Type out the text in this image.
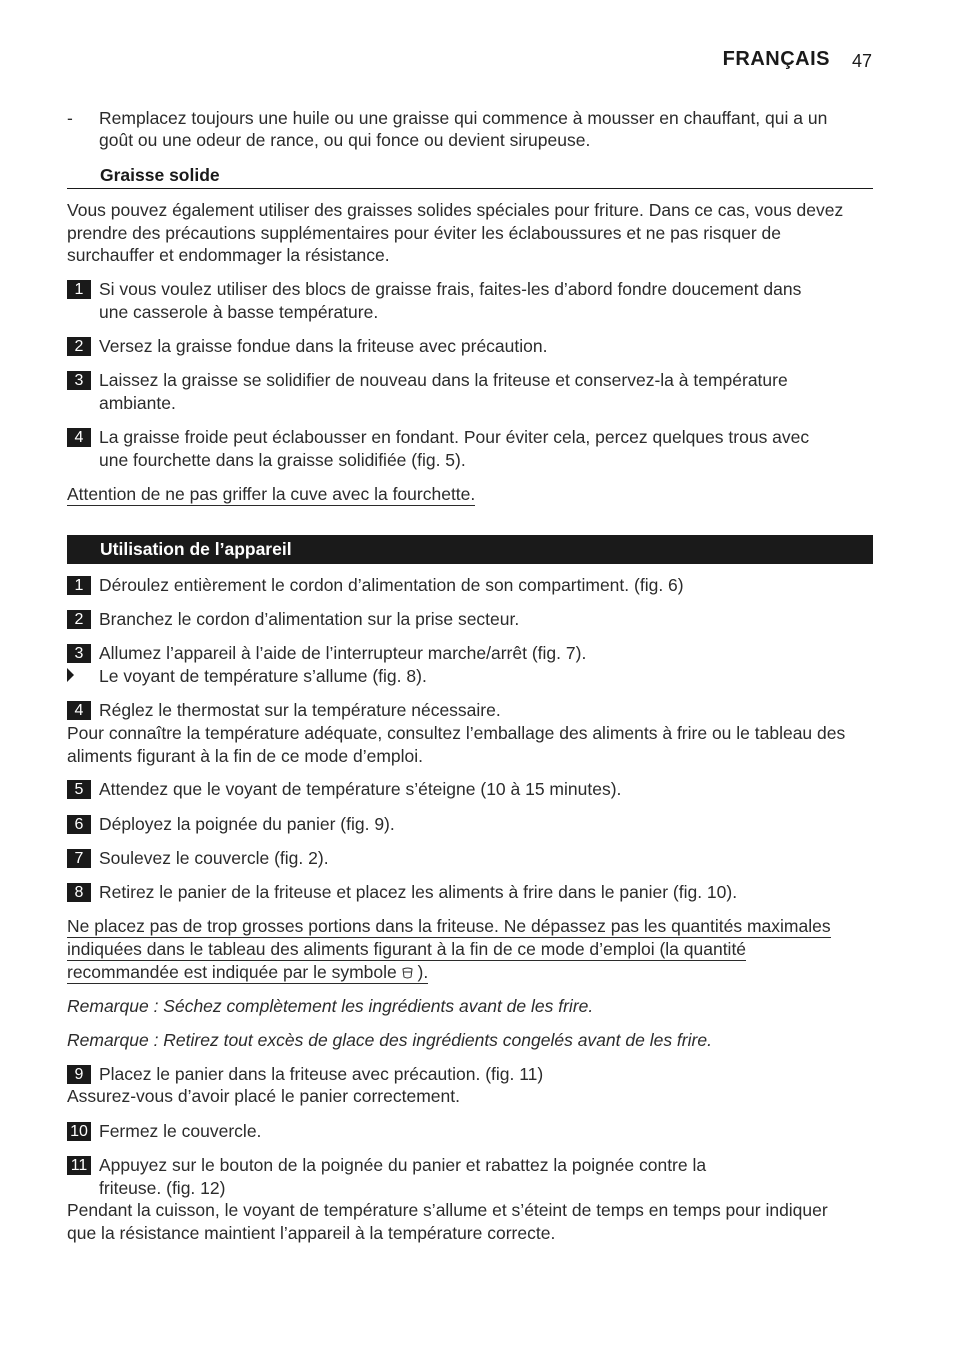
FRANÇAIS 47
- Remplacez toujours une huile ou une graisse qui commence à mousser en chauffant, qui a un
goût ou une odeur de rance, ou qui fonce ou devient sirupeuse.
Graisse solide
Vous pouvez également utiliser des graisses solides spéciales pour friture. Dans ce cas, vous devez
prendre des précautions supplémentaires pour éviter les éclaboussures et ne pas risquer de
surchauffer et endommager la résistance.
1 Si vous voulez utiliser des blocs de graisse frais, faites-les d’abord fondre doucement dans
une casserole à basse température.
2 Versez la graisse fondue dans la friteuse avec précaution.
3 Laissez la graisse se solidifier de nouveau dans la friteuse et conservez-la à température
ambiante.
4 La graisse froide peut éclabousser en fondant. Pour éviter cela, percez quelques trous avec
une fourchette dans la graisse solidifiée (fig. 5).
Attention de ne pas griffer la cuve avec la fourchette.
Utilisation de l’appareil
1 Déroulez entièrement le cordon d’alimentation de son compartiment. (fig. 6)
2 Branchez le cordon d’alimentation sur la prise secteur.
3 Allumez l’appareil à l’aide de l’interrupteur marche/arrêt (fig. 7).
Le voyant de température s’allume (fig. 8).
4 Réglez le thermostat sur la température nécessaire.
Pour connaître la température adéquate, consultez l’emballage des aliments à frire ou le tableau des
aliments figurant à la fin de ce mode d’emploi.
5 Attendez que le voyant de température s’éteigne (10 à 15 minutes).
6 Déployez la poignée du panier (fig. 9).
7 Soulevez le couvercle (fig. 2).
8 Retirez le panier de la friteuse et placez les aliments à frire dans le panier (fig. 10).
Ne placez pas de trop grosses portions dans la friteuse. Ne dépassez pas les quantités maximales
indiquées dans le tableau des aliments figurant à la fin de ce mode d’emploi (la quantité
recommandée est indiquée par le symbole ).
Remarque : Séchez complètement les ingrédients avant de les frire.
Remarque : Retirez tout excès de glace des ingrédients congelés avant de les frire.
9 Placez le panier dans la friteuse avec précaution. (fig. 11)
Assurez-vous d’avoir placé le panier correctement.
10 Fermez le couvercle.
11 Appuyez sur le bouton de la poignée du panier et rabattez la poignée contre la
friteuse. (fig. 12)
Pendant la cuisson, le voyant de température s’allume et s’éteint de temps en temps pour indiquer
que la résistance maintient l’appareil à la température correcte.
